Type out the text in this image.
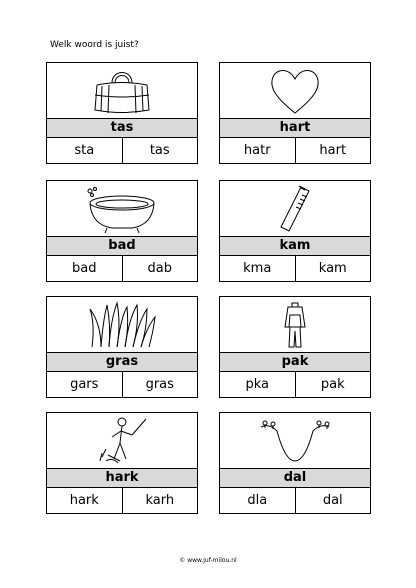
Welk woord is juist?
tas
sta	tas
hart
hatr	hart
bad
bad	dab
kam
kma	kam
gras
gars	gras
pak
pka	pak
hark
hark	karh
dal
dla	dal
© www.juf-milou.nl
